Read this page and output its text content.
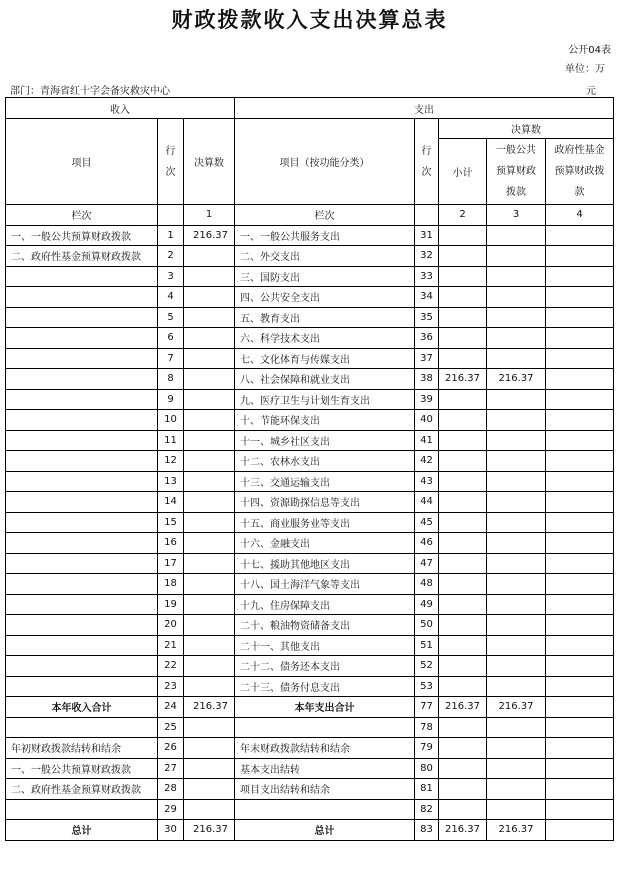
财政拨款收入支出决算总表
公开04表
单位：万
元
部门：青海省红十字会备灾救灾中心
收入			支出				
项目	行次	决算数	项目（按功能分类）	行次	决算数		
					小计	一般公共预算财政拨款	政府性基金预算财政拨款
栏次		1	栏次		2	3	4
一、一般公共预算财政拨款	1	216.37	一、一般公共服务支出	31			
二、政府性基金预算财政拨款	2		二、外交支出	32			
	3		三、国防支出	33			
	4		四、公共安全支出	34			
	5		五、教育支出	35			
	6		六、科学技术支出	36			
	7		七、文化体育与传媒支出	37			
	8		八、社会保障和就业支出	38	216.37	216.37	
	9		九、医疗卫生与计划生育支出	39			
	10		十、节能环保支出	40			
	11		十一、城乡社区支出	41			
	12		十二、农林水支出	42			
	13		十三、交通运输支出	43			
	14		十四、资源勘探信息等支出	44			
	15		十五、商业服务业等支出	45			
	16		十六、金融支出	46			
	17		十七、援助其他地区支出	47			
	18		十八、国土海洋气象等支出	48			
	19		十九、住房保障支出	49			
	20		二十、粮油物资储备支出	50			
	21		二十一、其他支出	51			
	22		二十二、债务还本支出	52			
	23		二十三、债务付息支出	53			
本年收入合计	24	216.37	本年支出合计	77	216.37	216.37	
	25			78			
年初财政拨款结转和结余	26		年末财政拨款结转和结余	79			
一、一般公共预算财政拨款	27		基本支出结转	80			
二、政府性基金预算财政拨款	28		项目支出结转和结余	81			
	29			82			
总计	30	216.37	总计	83	216.37	216.37	
